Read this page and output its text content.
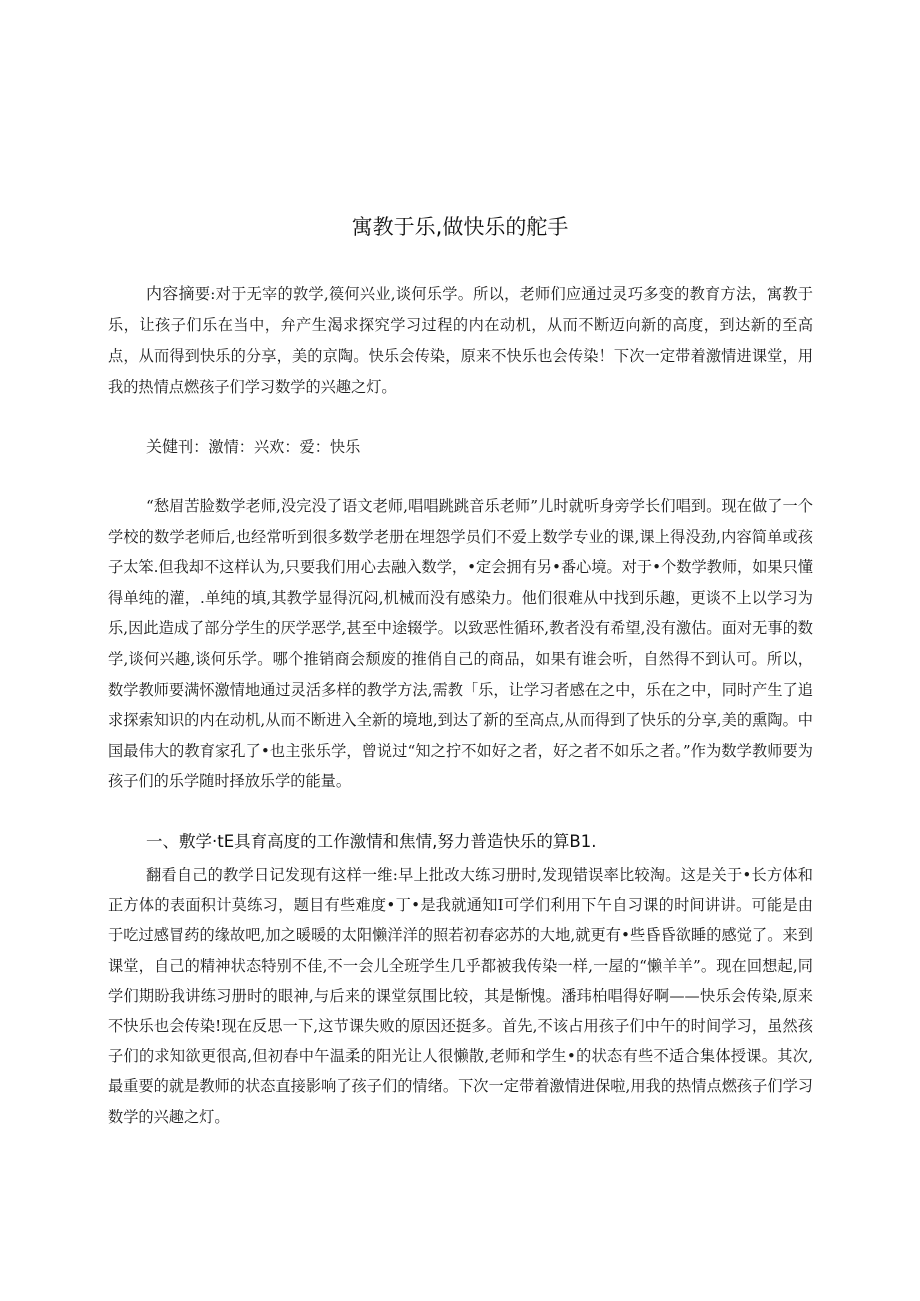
寓教于乐,做快乐的舵手

内容摘要:对于无宰的敦学,篌何兴业,谈何乐学。所以，老师们应通过灵巧多变的教育方法，寓教于乐，让孩子们乐在当中，弁产生渴求探究学习过程的内在动机，从而不断迈向新的高度，到达新的至高点，从而得到快乐的分享，美的京陶。快乐会传染，原来不快乐也会传染！下次一定带着激情进课堂，用我的热情点燃孩子们学习数学的兴趣之灯。

关健刊：激情：兴欢：爱：快乐

“愁眉苦脸数学老师,没完没了语文老师,唱唱跳跳音乐老师”儿时就听身旁学长们唱到。现在做了一个学校的数学老师后,也经常听到很多数学老册在埋怨学员们不爱上数学专业的课,课上得没劲,内容简单或孩子太笨.但我却不这样认为,只要我们用心去融入数学，•定会拥有另•番心境。对于•个数学教师，如果只懂得单纯的灌，.单纯的填,其教学显得沉闷,机械而没有感染力。他们很难从中找到乐趣，更谈不上以学习为乐,因此造成了部分学生的厌学恶学,甚至中途辍学。以致恶性循环,教者没有希望,没有激估。面对无事的数学,谈何兴趣,谈何乐学。哪个推销商会颓废的推俏自己的商品，如果有谁会听，自然得不到认可。所以，数学教师要满怀激情地通过灵活多样的教学方法,需教「乐，让学习者感在之中，乐在之中，同时产生了追求探索知识的内在动机,从而不断进入全新的境地,到达了新的至高点,从而得到了快乐的分享,美的熏陶。中国最伟大的教育家孔了•也主张乐学，曾说过“知之拧不如好之者，好之者不如乐之者。”作为数学教师要为孩子们的乐学随时择放乐学的能量。

一、敷学·tE具育高度的工作激情和焦情,努力普造快乐的算B1.

翻看自己的教学日记发现有这样一维:早上批改大练习册时,发现错误率比较淘。这是关于•长方体和正方体的表面积计莫练习，题目有些难度•丁•是我就通知I可学们利用下午自习课的时间讲讲。可能是由于吃过感冒药的缘故吧,加之暖暖的太阳懒洋洋的照若初春宓苏的大地,就更有•些昏昏欲睡的感觉了。来到课堂，自己的精神状态特别不佳,不一会儿全班学生几乎都被我传染一样,一屋的“懒羊羊”。现在回想起,同学们期盼我讲练习册时的眼神,与后来的课堂氛围比较，其是惭愧。潘玮柏唱得好啊——快乐会传染,原来不快乐也会传染!现在反思一下,这节课失败的原因还挺多。首先,不该占用孩子们中午的时间学习，虽然孩子们的求知欲更很高,但初春中午温柔的阳光让人很懒散,老师和学生•的状态有些不适合集体授课。其次,最重要的就是教师的状态直接影响了孩子们的情绪。下次一定带着激情进保啦,用我的热情点燃孩子们学习数学的兴趣之灯。
